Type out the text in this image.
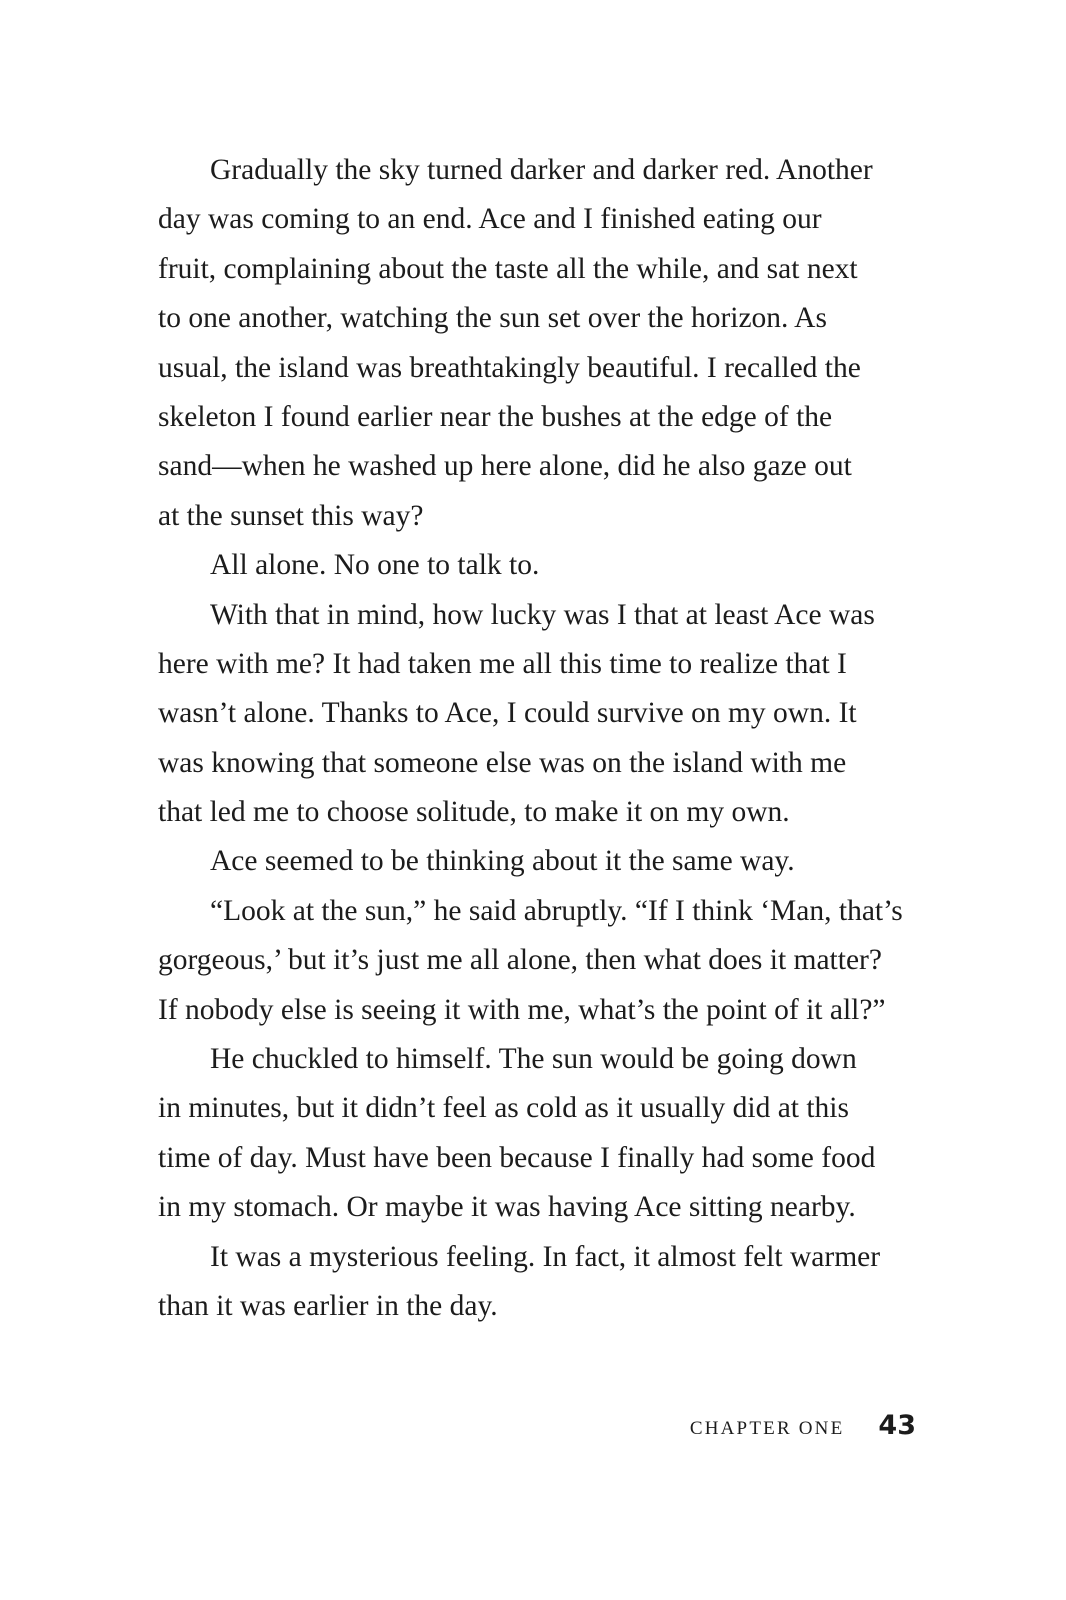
Gradually the sky turned darker and darker red. Another
day was coming to an end. Ace and I finished eating our
fruit, complaining about the taste all the while, and sat next
to one another, watching the sun set over the horizon. As
usual, the island was breathtakingly beautiful. I recalled the
skeleton I found earlier near the bushes at the edge of the
sand—when he washed up here alone, did he also gaze out
at the sunset this way?
All alone. No one to talk to.
With that in mind, how lucky was I that at least Ace was
here with me? It had taken me all this time to realize that I
wasn’t alone. Thanks to Ace, I could survive on my own. It
was knowing that someone else was on the island with me
that led me to choose solitude, to make it on my own.
Ace seemed to be thinking about it the same way.
“Look at the sun,” he said abruptly. “If I think ‘Man, that’s
gorgeous,’ but it’s just me all alone, then what does it matter?
If nobody else is seeing it with me, what’s the point of it all?”
He chuckled to himself. The sun would be going down
in minutes, but it didn’t feel as cold as it usually did at this
time of day. Must have been because I finally had some food
in my stomach. Or maybe it was having Ace sitting nearby.
It was a mysterious feeling. In fact, it almost felt warmer
than it was earlier in the day.
CHAPTER ONE 43
